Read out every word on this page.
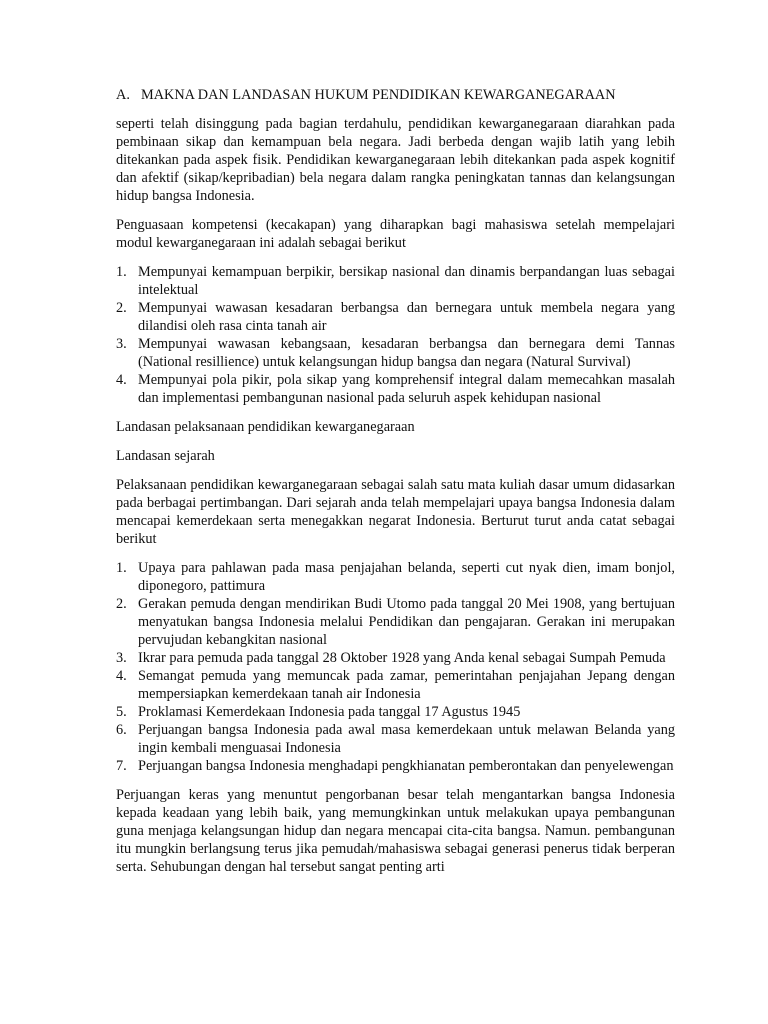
A. MAKNA DAN LANDASAN HUKUM PENDIDIKAN KEWARGANEGARAAN

seperti telah disinggung pada bagian terdahulu, pendidikan kewarganegaraan diarahkan pada pembinaan sikap dan kemampuan bela negara. Jadi berbeda dengan wajib latih yang lebih ditekankan pada aspek fisik. Pendidikan kewarganegaraan lebih ditekankan pada aspek kognitif dan afektif (sikap/kepribadian) bela negara dalam rangka peningkatan tannas dan kelangsungan hidup bangsa Indonesia.

Penguasaan kompetensi (kecakapan) yang diharapkan bagi mahasiswa setelah mempelajari modul kewarganegaraan ini adalah sebagai berikut

1. Mempunyai kemampuan berpikir, bersikap nasional dan dinamis berpandangan luas sebagai intelektual
2. Mempunyai wawasan kesadaran berbangsa dan bernegara untuk membela negara yang dilandisi oleh rasa cinta tanah air
3. Mempunyai wawasan kebangsaan, kesadaran berbangsa dan bernegara demi Tannas (National resillience) untuk kelangsungan hidup bangsa dan negara (Natural Survival)
4. Mempunyai pola pikir, pola sikap yang komprehensif integral dalam memecahkan masalah dan implementasi pembangunan nasional pada seluruh aspek kehidupan nasional

Landasan pelaksanaan pendidikan kewarganegaraan

Landasan sejarah

Pelaksanaan pendidikan kewarganegaraan sebagai salah satu mata kuliah dasar umum didasarkan pada berbagai pertimbangan. Dari sejarah anda telah mempelajari upaya bangsa Indonesia dalam mencapai kemerdekaan serta menegakkan negarat Indonesia. Berturut turut anda catat sebagai berikut

1. Upaya para pahlawan pada masa penjajahan belanda, seperti cut nyak dien, imam bonjol, diponegoro, pattimura
2. Gerakan pemuda dengan mendirikan Budi Utomo pada tanggal 20 Mei 1908, yang bertujuan menyatukan bangsa Indonesia melalui Pendidikan dan pengajaran. Gerakan ini merupakan pervujudan kebangkitan nasional
3. Ikrar para pemuda pada tanggal 28 Oktober 1928 yang Anda kenal sebagai Sumpah Pemuda
4. Semangat pemuda yang memuncak pada zamar, pemerintahan penjajahan Jepang dengan mempersiapkan kemerdekaan tanah air Indonesia
5. Proklamasi Kemerdekaan Indonesia pada tanggal 17 Agustus 1945
6. Perjuangan bangsa Indonesia pada awal masa kemerdekaan untuk melawan Belanda yang ingin kembali menguasai Indonesia
7. Perjuangan bangsa Indonesia menghadapi pengkhianatan pemberontakan dan penyelewengan

Perjuangan keras yang menuntut pengorbanan besar telah mengantarkan bangsa Indonesia kepada keadaan yang lebih baik, yang memungkinkan untuk melakukan upaya pembangunan guna menjaga kelangsungan hidup dan negara mencapai cita-cita bangsa. Namun. pembangunan itu mungkin berlangsung terus jika pemudah/mahasiswa sebagai generasi penerus tidak berperan serta. Sehubungan dengan hal tersebut sangat penting arti
